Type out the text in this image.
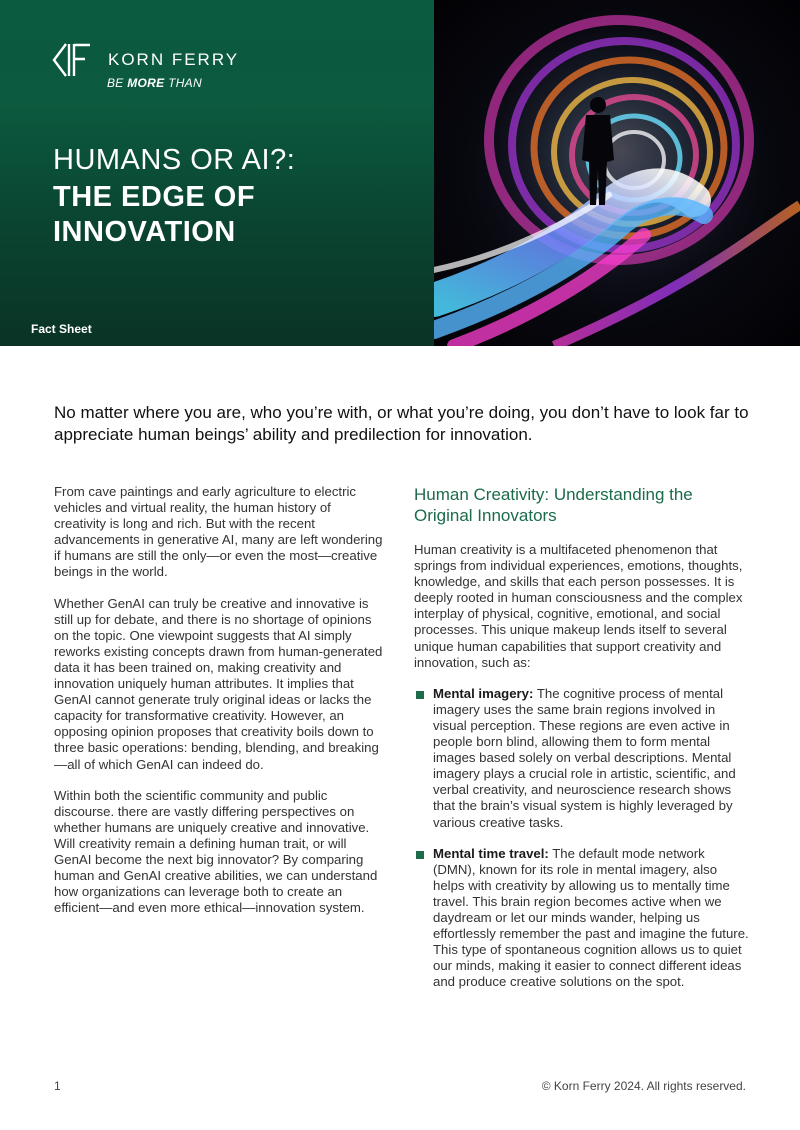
KORN FERRY
BE MORE THAN
HUMANS OR AI?:
THE EDGE OF INNOVATION
Fact Sheet

No matter where you are, who you’re with, or what you’re doing, you don’t have to look far to appreciate human beings’ ability and predilection for innovation.

From cave paintings and early agriculture to electric vehicles and virtual reality, the human history of creativity is long and rich. But with the recent advancements in generative AI, many are left wondering if humans are still the only—or even the most—creative beings in the world.

Whether GenAI can truly be creative and innovative is still up for debate, and there is no shortage of opinions on the topic. One viewpoint suggests that AI simply reworks existing concepts drawn from human-generated data it has been trained on, making creativity and innovation uniquely human attributes. It implies that GenAI cannot generate truly original ideas or lacks the capacity for transformative creativity. However, an opposing opinion proposes that creativity boils down to three basic operations: bending, blending, and breaking—all of which GenAI can indeed do.

Within both the scientific community and public discourse. there are vastly differing perspectives on whether humans are uniquely creative and innovative. Will creativity remain a defining human trait, or will GenAI become the next big innovator? By comparing human and GenAI creative abilities, we can understand how organizations can leverage both to create an efficient—and even more ethical—innovation system.

Human Creativity: Understanding the Original Innovators

Human creativity is a multifaceted phenomenon that springs from individual experiences, emotions, thoughts, knowledge, and skills that each person possesses. It is deeply rooted in human consciousness and the complex interplay of physical, cognitive, emotional, and social processes. This unique makeup lends itself to several unique human capabilities that support creativity and innovation, such as:

Mental imagery: The cognitive process of mental imagery uses the same brain regions involved in visual perception. These regions are even active in people born blind, allowing them to form mental images based solely on verbal descriptions. Mental imagery plays a crucial role in artistic, scientific, and verbal creativity, and neuroscience research shows that the brain’s visual system is highly leveraged by various creative tasks.
Mental time travel: The default mode network (DMN), known for its role in mental imagery, also helps with creativity by allowing us to mentally time travel. This brain region becomes active when we daydream or let our minds wander, helping us effortlessly remember the past and imagine the future. This type of spontaneous cognition allows us to quiet our minds, making it easier to connect different ideas and produce creative solutions on the spot.
1	© Korn Ferry 2024. All rights reserved.
